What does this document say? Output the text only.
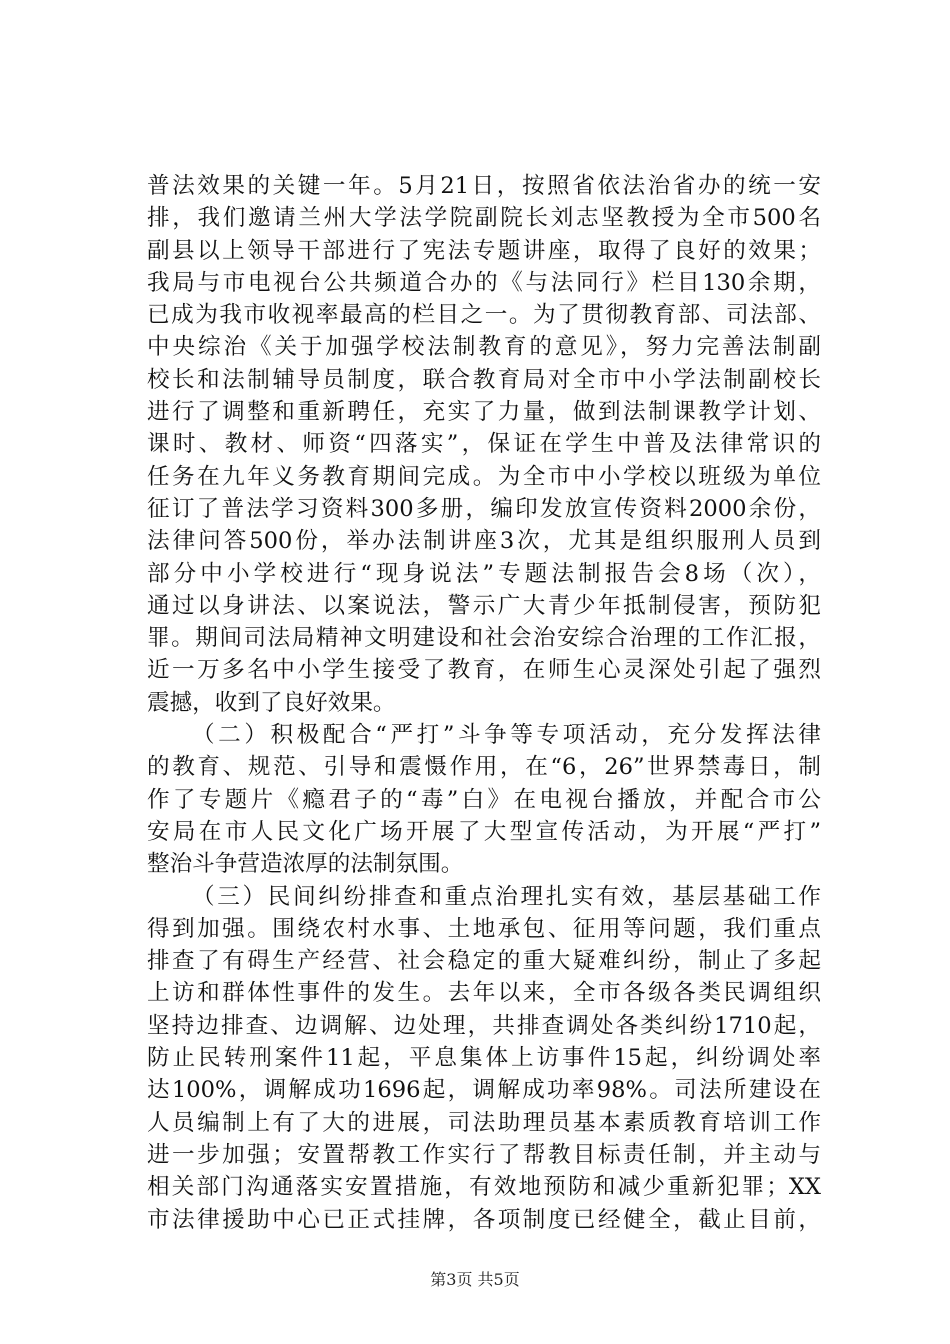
普法效果的关键一年。5月21日，按照省依法治省办的统一安
排，我们邀请兰州大学法学院副院长刘志坚教授为全市500名
副县以上领导干部进行了宪法专题讲座，取得了良好的效果；
我局与市电视台公共频道合办的《与法同行》栏目130余期，
已成为我市收视率最高的栏目之一。为了贯彻教育部、司法部、
中央综治《关于加强学校法制教育的意见》，努力完善法制副
校长和法制辅导员制度，联合教育局对全市中小学法制副校长
进行了调整和重新聘任，充实了力量，做到法制课教学计划、
课时、教材、师资“四落实”，保证在学生中普及法律常识的
任务在九年义务教育期间完成。为全市中小学校以班级为单位
征订了普法学习资料300多册，编印发放宣传资料2000余份，
法律问答500份，举办法制讲座3次，尤其是组织服刑人员到
部分中小学校进行“现身说法”专题法制报告会8场（次），
通过以身讲法、以案说法，警示广大青少年抵制侵害，预防犯
罪。期间司法局精神文明建设和社会治安综合治理的工作汇报，
近一万多名中小学生接受了教育，在师生心灵深处引起了强烈
震撼，收到了良好效果。
（二）积极配合“严打”斗争等专项活动，充分发挥法律
的教育、规范、引导和震慑作用，在“6，26”世界禁毒日，制
作了专题片《瘾君子的“毒”白》在电视台播放，并配合市公
安局在市人民文化广场开展了大型宣传活动，为开展“严打”
整治斗争营造浓厚的法制氛围。
（三）民间纠纷排查和重点治理扎实有效，基层基础工作
得到加强。围绕农村水事、土地承包、征用等问题，我们重点
排查了有碍生产经营、社会稳定的重大疑难纠纷，制止了多起
上访和群体性事件的发生。去年以来，全市各级各类民调组织
坚持边排查、边调解、边处理，共排查调处各类纠纷1710起，
防止民转刑案件11起，平息集体上访事件15起，纠纷调处率
达100%，调解成功1696起，调解成功率98%。司法所建设在
人员编制上有了大的进展，司法助理员基本素质教育培训工作
进一步加强；安置帮教工作实行了帮教目标责任制，并主动与
相关部门沟通落实安置措施，有效地预防和减少重新犯罪；XX
市法律援助中心已正式挂牌，各项制度已经健全，截止目前，
第3页 共5页
